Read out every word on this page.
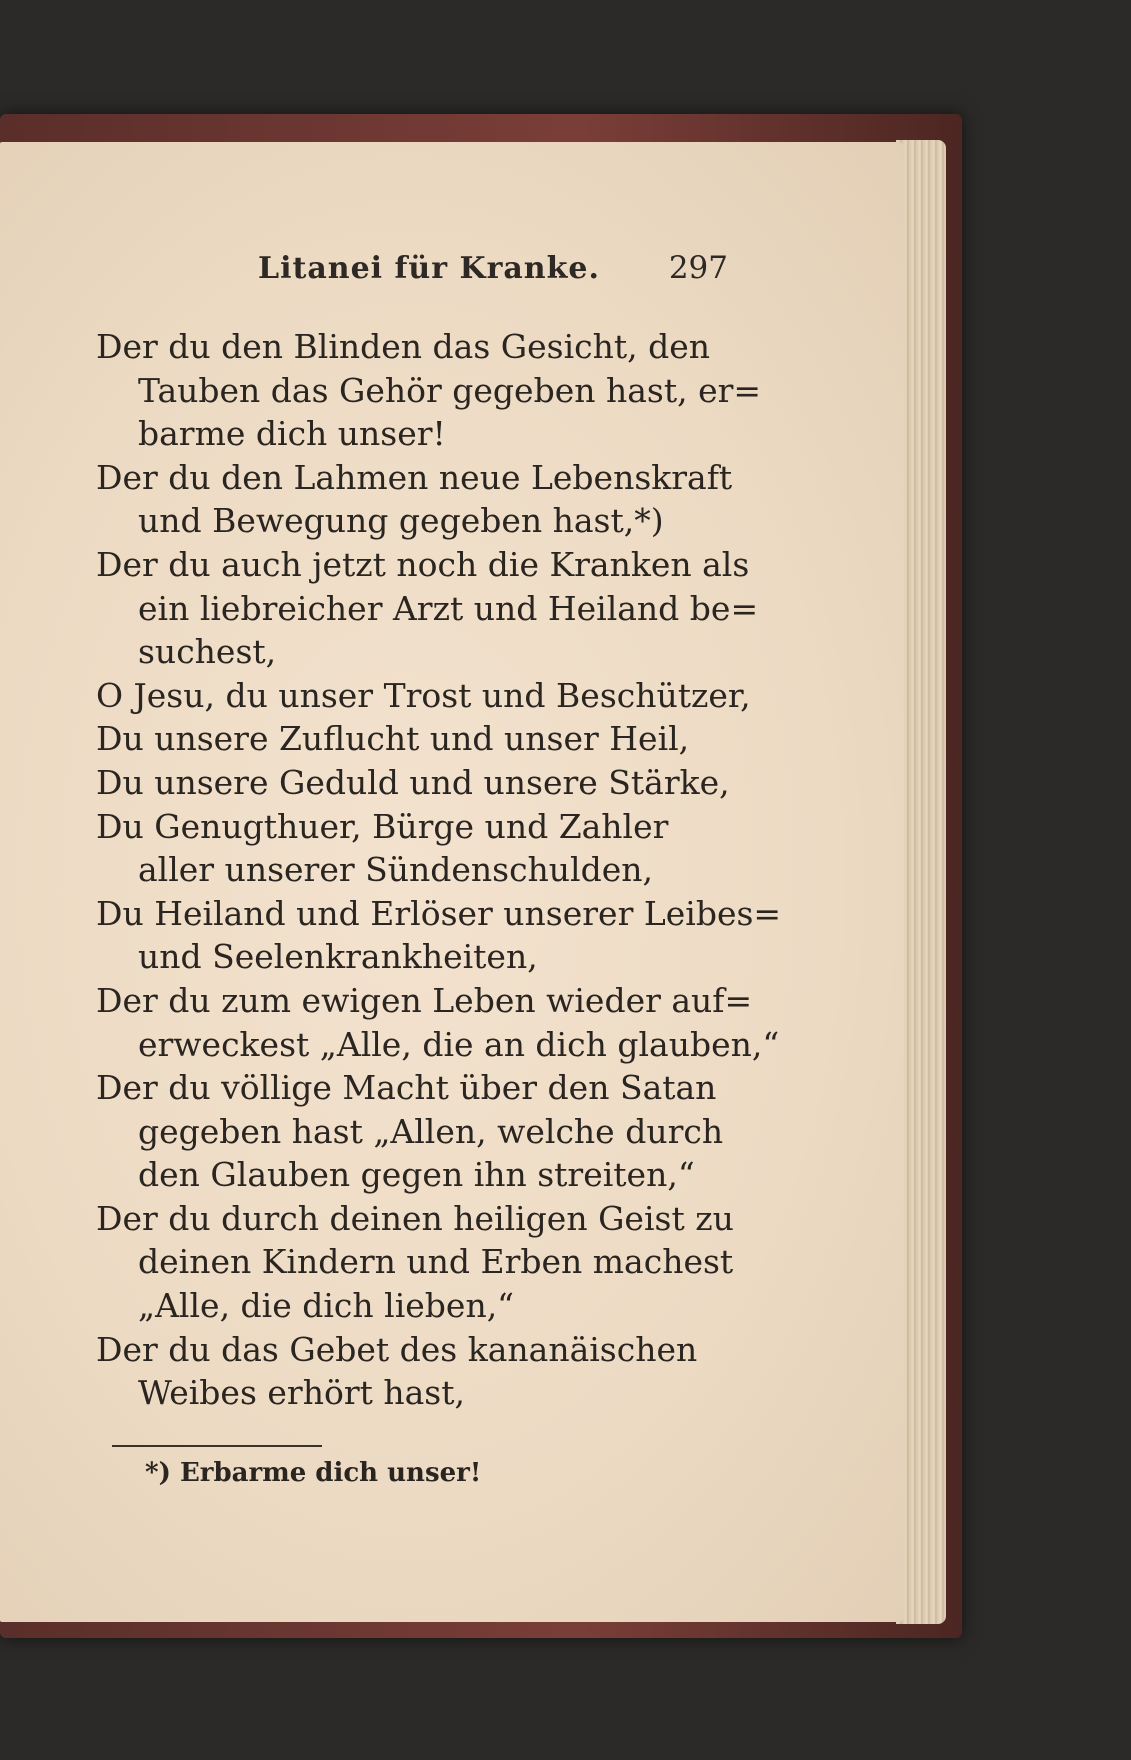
Litanei für Kranke. 297
Der du den Blinden das Gesicht, den
Tauben das Gehör gegeben hast, er=
barme dich unser!
Der du den Lahmen neue Lebenskraft
und Bewegung gegeben hast,*)
Der du auch jetzt noch die Kranken als
ein liebreicher Arzt und Heiland be=
suchest,
O Jesu, du unser Trost und Beschützer,
Du unsere Zuflucht und unser Heil,
Du unsere Geduld und unsere Stärke,
Du Genugthuer, Bürge und Zahler
aller unserer Sündenschulden,
Du Heiland und Erlöser unserer Leibes=
und Seelenkrankheiten,
Der du zum ewigen Leben wieder auf=
erweckest „Alle, die an dich glauben,“
Der du völlige Macht über den Satan
gegeben hast „Allen, welche durch
den Glauben gegen ihn streiten,“
Der du durch deinen heiligen Geist zu
deinen Kindern und Erben machest
„Alle, die dich lieben,“
Der du das Gebet des kananäischen
Weibes erhört hast,
*) Erbarme dich unser!
